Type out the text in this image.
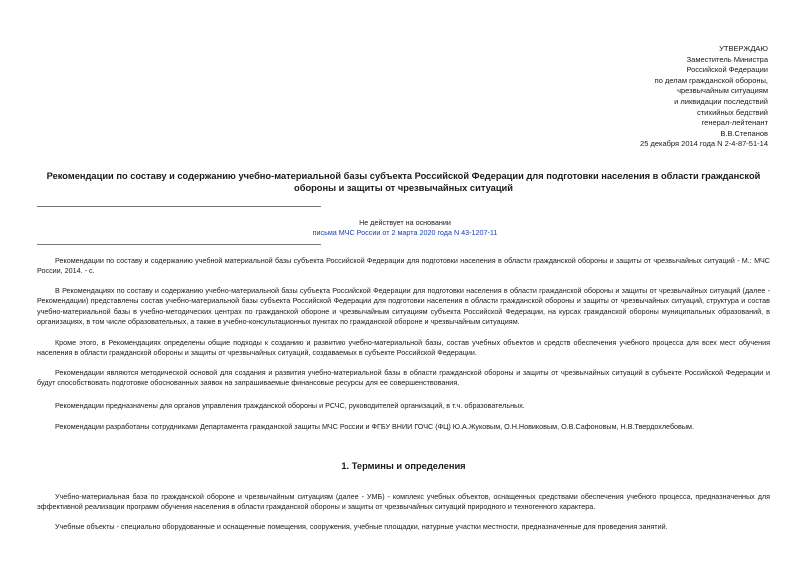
УТВЕРЖДАЮ
Заместитель Министра
Российской Федерации
по делам гражданской обороны,
чрезвычайным ситуациям
и ликвидации последствий
стихийных бедствий
генерал-лейтенант
В.В.Степанов
25 декабря 2014 года N 2-4-87-51-14
Рекомендации по составу и содержанию учебно-материальной базы субъекта Российской Федерации для подготовки населения в области гражданской обороны и защиты от чрезвычайных ситуаций
Не действует на основании
письма МЧС России от 2 марта 2020 года N 43-1207-11

Рекомендации по составу и содержанию учебной материальной базы субъекта Российской Федерации для подготовки населения в области гражданской обороны и защиты от чрезвычайных ситуаций - М.: МЧС России, 2014. - с.

В Рекомендациях по составу и содержанию учебно-материальной базы субъекта Российской Федерации для подготовки населения в области гражданской обороны и защиты от чрезвычайных ситуаций (далее - Рекомендации) представлены состав учебно-материальной базы субъекта Российской Федерации для подготовки населения в области гражданской обороны и защиты от чрезвычайных ситуаций, структура и состав учебно-материальной базы в учебно-методических центрах по гражданской обороне и чрезвычайным ситуациям субъекта Российской Федерации, на курсах гражданской обороны муниципальных образований, в организациях, в том числе образовательных, а также в учебно-консультационных пунктах по гражданской обороне и чрезвычайным ситуациям.

Кроме этого, в Рекомендациях определены общие подходы к созданию и развитию учебно-материальной базы, состав учебных объектов и средств обеспечения учебного процесса для всех мест обучения населения в области гражданской обороны и защиты от чрезвычайных ситуаций, создаваемых в субъекте Российской Федерации.

Рекомендации являются методической основой для создания и развития учебно-материальной базы в области гражданской обороны и защиты от чрезвычайных ситуаций в субъекте Российской Федерации и будут способствовать подготовке обоснованных заявок на запрашиваемые финансовые ресурсы для ее совершенствования.

Рекомендации предназначены для органов управления гражданской обороны и РСЧС, руководителей организаций, в т.ч. образовательных.

Рекомендации разработаны сотрудниками Департамента гражданской защиты МЧС России и ФГБУ ВНИИ ГОЧС (ФЦ) Ю.А.Жуковым, О.Н.Новиковым, О.В.Сафоновым, Н.В.Твердохлебовым.

1. Термины и определения

Учебно-материальная база по гражданской обороне и чрезвычайным ситуациям (далее - УМБ) - комплекс учебных объектов, оснащенных средствами обеспечения учебного процесса, предназначенных для эффективной реализации программ обучения населения в области гражданской обороны и защиты от чрезвычайных ситуаций природного и техногенного характера.

Учебные объекты - специально оборудованные и оснащенные помещения, сооружения, учебные площадки, натурные участки местности, предназначенные для проведения занятий.
